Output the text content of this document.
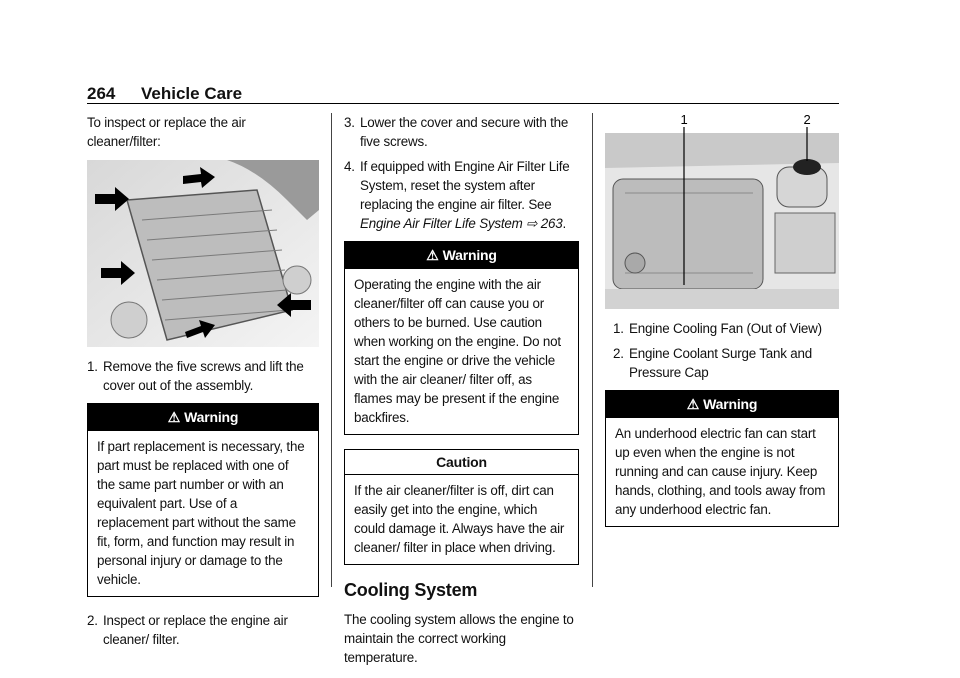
264 Vehicle Care

To inspect or replace the air cleaner/filter:

1. Remove the five screws and lift the cover out of the assembly.
⚠ Warning

If part replacement is necessary, the part must be replaced with one of the same part number or with an equivalent part. Use of a replacement part without the same fit, form, and function may result in personal injury or damage to the vehicle.

2. Inspect or replace the engine air cleaner/ filter.
3. Lower the cover and secure with the five screws.
4. If equipped with Engine Air Filter Life System, reset the system after replacing the engine air filter. See Engine Air Filter Life System ⇨ 263.
⚠ Warning

Operating the engine with the air cleaner/filter off can cause you or others to be burned. Use caution when working on the engine. Do not start the engine or drive the vehicle with the air cleaner/ filter off, as flames may be present if the engine backfires.

Caution

If the air cleaner/filter is off, dirt can easily get into the engine, which could damage it. Always have the air cleaner/ filter in place when driving.

Cooling System

The cooling system allows the engine to maintain the correct working temperature.

1	2
1. Engine Cooling Fan (Out of View)
2. Engine Coolant Surge Tank and Pressure Cap
⚠ Warning

An underhood electric fan can start up even when the engine is not running and can cause injury. Keep hands, clothing, and tools away from any underhood electric fan.
